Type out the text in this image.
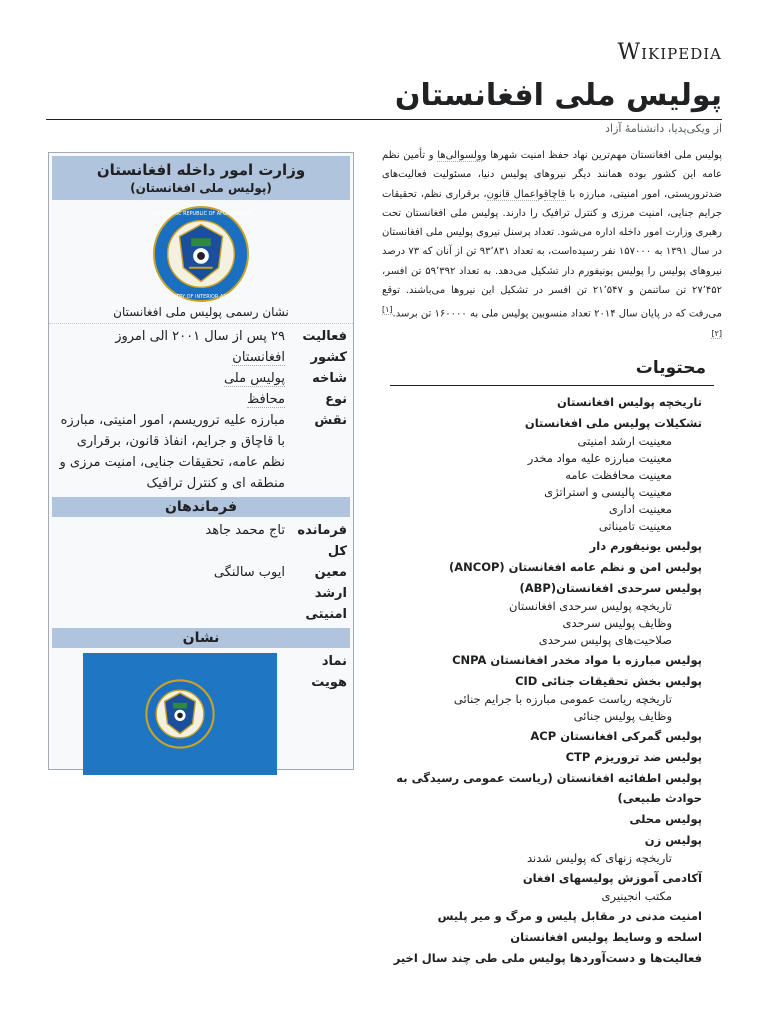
Wikipedia
پولیس ملی افغانستان
از ویکی‌پدیا، دانشنامهٔ آزاد
پولیس ملی افغانستان مهم‌ترین نهاد حفظ امنیت شهرها وولسوالی‌ها و تأمین نظم عامه این کشور بوده همانند دیگر نیروهای پولیس دنیا، مسئولیت فعالیت‌های ضدتروریستی، امور امنیتی، مبارزه با قاچاقواعمال قانون، برقراری نظم، تحقیقات جرایم جنایی، امنیت مرزی و کنترل ترافیک را دارند. پولیس ملی افغانستان تحت رهبری وزارت امور داخله اداره می‌شود. تعداد پرسنل نیروی پولیس ملی افغانستان در سال ۱۳۹۱ به ۱۵۷۰۰۰ نفر رسیده‌است، به تعداد ۹۳٬۸۳۱ تن از آنان که ۷۳ درصد نیروهای پولیس را پولیس یونیفورم دار تشکیل می‌دهد. به تعداد ۵۹٬۳۹۲ تن افسر، ۲۷٬۴۵۲ تن ساتنمن و ۲۱٬۵۴۷ تن افسر در تشکیل این نیروها می‌باشند. توقع می‌رفت که در پایان سال ۲۰۱۴ تعداد منسوبین پولیس ملی به ۱۶۰۰۰۰ تن برسد.[۱][۲]
وزارت امور داخله افغانستان
(پولیس ملی افغانستان)
THE ISLAMIC REPUBLIC OF AFGHANISTAN
MINISTRY OF INTERIOR AFFAIRS
نشان رسمی پولیس ملی افغانستان
فعالیت
۲۹ پس از سال ۲۰۰۱ الی امروز
کشور
افغانستان
شاخه
پولیس ملی
نوع
محافظ
نقش
مبارزه علیه تروریسم، امور امنیتی، مبارزه با قاچاق و جرایم، انفاذ قانون، برقراری نظم عامه، تحقیقات جنایی، امنیت مرزی و منطقه ای و کنترل ترافیک
فرماندهان
فرمانده کل
تاج محمد جاهد
معین ارشد امنیتی
ایوب سالنگی
نشان
نماد هویت
محتویات
تاریخچه پولیس افغانستان
تشکیلات پولیس ملی افغانستان
معینیت ارشد امنیتی
معینیت مبارزه علیه مواد مخدر
معینیت محافظت عامه
معینیت پالیسی و استراتژی
معینیت اداری
معینیت تامیناتی
پولیس یونیفورم دار
پولیس امن و نظم عامه افغانستان (ANCOP)
پولیس سرحدی افغانستان(ABP)
تاریخچه پولیس سرحدی افغانستان
وظایف پولیس سرحدی
صلاحیت‌های پولیس سرحدی
پولیس مبارزه با مواد مخدر افغانستان CNPA
پولیس بخش تحقیقات جنائی CID
تاریخچه ریاست عمومی مبارزه با جرایم جنائی
وظایف پولیس جنائی
پولیس گمرکی افغانستان ACP
پولیس ضد تروریزم CTP
پولیس اطفائیه افغانستان (ریاست عمومی رسیدگی به حوادث طبیعی)
پولیس محلی
پولیس زن
تاریخچه زنهای که پولیس شدند
آکادمی آموزش پولیسهای افغان
مکتب انجینیری
امنیت مدنی در مقابل پلیس و مرگ و میر پلیس
اسلحه و وسایط پولیس افغانستان
فعالیت‌ها و دست‌آوردها پولیس ملی طی چند سال اخیر
